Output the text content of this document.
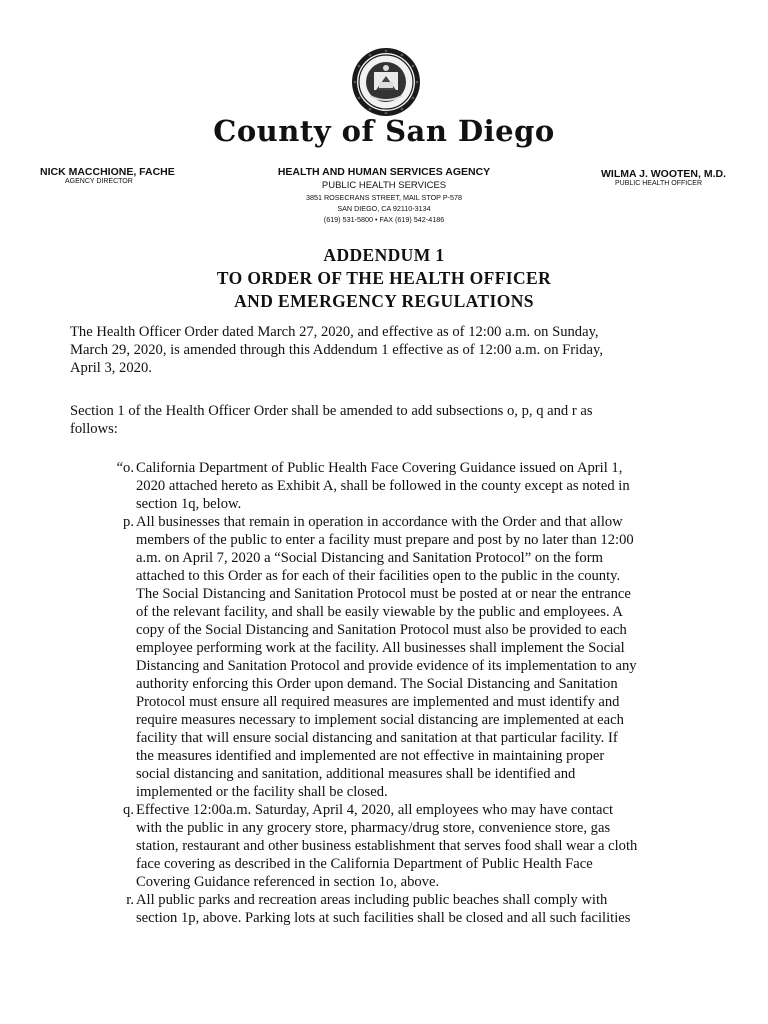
County of San Diego
NICK MACCHIONE, FACHE
AGENCY DIRECTOR
HEALTH AND HUMAN SERVICES AGENCY
PUBLIC HEALTH SERVICES
3851 ROSECRANS STREET, MAIL STOP P-578
SAN DIEGO, CA 92110-3134
(619) 531-5800 • FAX (619) 542-4186
WILMA J. WOOTEN, M.D.
PUBLIC HEALTH OFFICER
ADDENDUM 1
TO ORDER OF THE HEALTH OFFICER
AND EMERGENCY REGULATIONS
The Health Officer Order dated March 27, 2020, and effective as of 12:00 a.m. on Sunday,
March 29, 2020, is amended through this Addendum 1 effective as of 12:00 a.m. on Friday,
April 3, 2020.
Section 1 of the Health Officer Order shall be amended to add subsections o, p, q and r as
follows:
“o. California Department of Public Health Face Covering Guidance issued on April 1,
2020 attached hereto as Exhibit A, shall be followed in the county except as noted in
section 1q, below.
p. All businesses that remain in operation in accordance with the Order and that allow
members of the public to enter a facility must prepare and post by no later than 12:00
a.m. on April 7, 2020 a “Social Distancing and Sanitation Protocol” on the form
attached to this Order as for each of their facilities open to the public in the county.
The Social Distancing and Sanitation Protocol must be posted at or near the entrance
of the relevant facility, and shall be easily viewable by the public and employees. A
copy of the Social Distancing and Sanitation Protocol must also be provided to each
employee performing work at the facility. All businesses shall implement the Social
Distancing and Sanitation Protocol and provide evidence of its implementation to any
authority enforcing this Order upon demand. The Social Distancing and Sanitation
Protocol must ensure all required measures are implemented and must identify and
require measures necessary to implement social distancing are implemented at each
facility that will ensure social distancing and sanitation at that particular facility. If
the measures identified and implemented are not effective in maintaining proper
social distancing and sanitation, additional measures shall be identified and
implemented or the facility shall be closed.
q. Effective 12:00a.m. Saturday, April 4, 2020, all employees who may have contact
with the public in any grocery store, pharmacy/drug store, convenience store, gas
station, restaurant and other business establishment that serves food shall wear a cloth
face covering as described in the California Department of Public Health Face
Covering Guidance referenced in section 1o, above.
r. All public parks and recreation areas including public beaches shall comply with
section 1p, above. Parking lots at such facilities shall be closed and all such facilities
